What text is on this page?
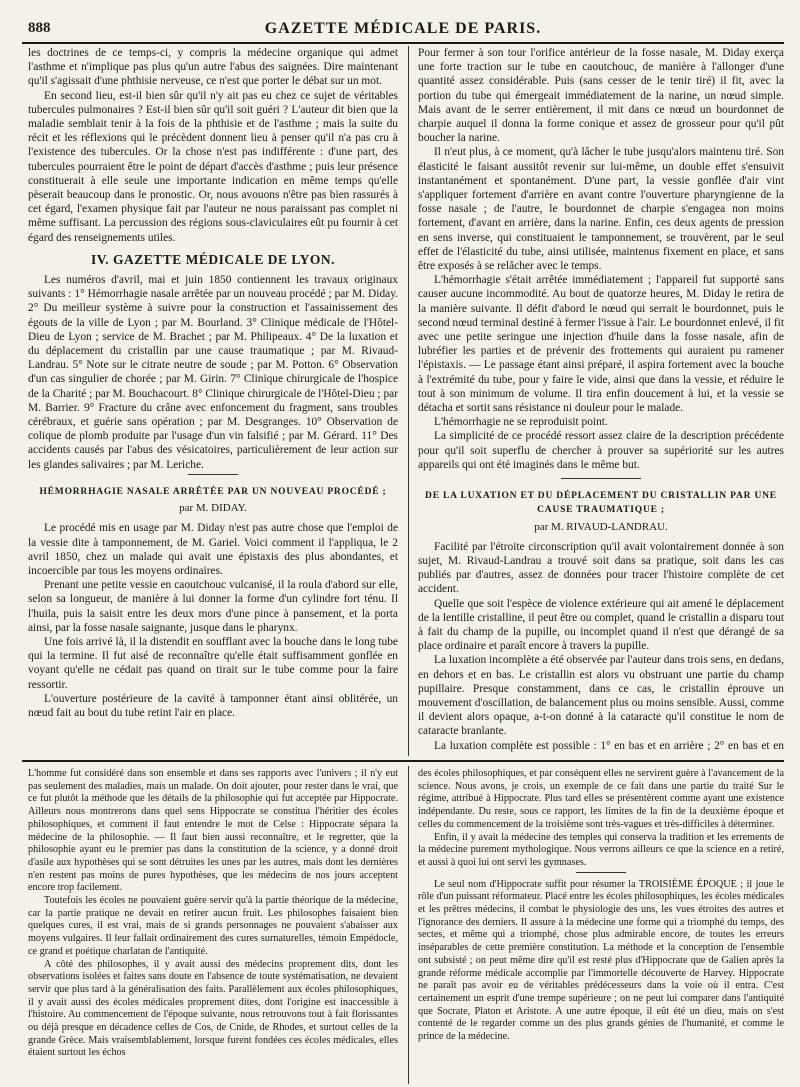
888	GAZETTE MÉDICALE DE PARIS.

les doctrines de ce temps-ci, y compris la médecine organique qui admet l'asthme et n'implique pas plus qu'un autre l'abus des saignées. Dire maintenant qu'il s'agissait d'une phthisie nerveuse, ce n'est que porter le débat sur un mot.

En second lieu, est-il bien sûr qu'il n'y ait pas eu chez ce sujet de véritables tubercules pulmonaires ? Est-il bien sûr qu'il soit guéri ? L'auteur dit bien que la maladie semblait tenir à la fois de la phthisie et de l'asthme ; mais la suite du récit et les réflexions qui le précèdent donnent lieu à penser qu'il n'a pas cru à l'existence des tubercules. Or la chose n'est pas indifférente : d'une part, des tubercules pourraient être le point de départ d'accès d'asthme ; puis leur présence constituerait à elle seule une importante indication en même temps qu'elle pèserait beaucoup dans le pronostic. Or, nous avouons n'être pas bien rassurés à cet égard, l'examen physique fait par l'auteur ne nous paraissant pas complet ni même suffisant. La percussion des régions sous-claviculaires eût pu fournir à cet égard des renseignements utiles.

IV. GAZETTE MÉDICALE DE LYON.

Les numéros d'avril, mai et juin 1850 contiennent les travaux originaux suivants : 1° Hémorrhagie nasale arrêtée par un nouveau procédé ; par M. Diday. 2° Du meilleur système à suivre pour la construction et l'assainissement des égouts de la ville de Lyon ; par M. Bourland. 3° Clinique médicale de l'Hôtel-Dieu de Lyon ; service de M. Brachet ; par M. Philipeaux. 4° De la luxation et du déplacement du cristallin par une cause traumatique ; par M. Rivaud-Landrau. 5° Note sur le citrate neutre de soude ; par M. Potton. 6° Observation d'un cas singulier de chorée ; par M. Girin. 7° Clinique chirurgicale de l'hospice de la Charité ; par M. Bouchacourt. 8° Clinique chirurgicale de l'Hôtel-Dieu ; par M. Barrier. 9° Fracture du crâne avec enfoncement du fragment, sans troubles cérébraux, et guérie sans opération ; par M. Desgranges. 10° Observation de colique de plomb produite par l'usage d'un vin falsifié ; par M. Gérard. 11° Des accidents causés par l'abus des vésicatoires, particulièrement de leur action sur les glandes salivaires ; par M. Leriche.

HÉMORRHAGIE NASALE ARRÊTÉE PAR UN NOUVEAU PROCÉDÉ ;
par M. DIDAY.

Le procédé mis en usage par M. Diday n'est pas autre chose que l'emploi de la vessie dite à tamponnement, de M. Gariel. Voici comment il l'appliqua, le 2 avril 1850, chez un malade qui avait une épistaxis des plus abondantes, et incoercible par tous les moyens ordinaires.

Prenant une petite vessie en caoutchouc vulcanisé, il la roula d'abord sur elle, selon sa longueur, de manière à lui donner la forme d'un cylindre fort ténu. Il l'huila, puis la saisit entre les deux mors d'une pince à pansement, et la porta ainsi, par la fosse nasale saignante, jusque dans le pharynx.

Une fois arrivé là, il la distendit en soufflant avec la bouche dans le long tube qui la termine. Il fut aisé de reconnaître qu'elle était suffisamment gonflée en voyant qu'elle ne cédait pas quand on tirait sur le tube comme pour la faire ressortir.

L'ouverture postérieure de la cavité à tamponner étant ainsi oblitérée, un nœud fait au bout du tube retint l'air en place.

Pour fermer à son tour l'orifice antérieur de la fosse nasale, M. Diday exerça une forte traction sur le tube en caoutchouc, de manière à l'allonger d'une quantité assez considérable. Puis (sans cesser de le tenir tiré) il fit, avec la portion du tube qui émergeait immédiatement de la narine, un nœud simple. Mais avant de le serrer entièrement, il mit dans ce nœud un bourdonnet de charpie auquel il donna la forme conique et assez de grosseur pour qu'il pût boucher la narine.

Il n'eut plus, à ce moment, qu'à lâcher le tube jusqu'alors maintenu tiré. Son élasticité le faisant aussitôt revenir sur lui-même, un double effet s'ensuivit instantanément et spontanément. D'une part, la vessie gonflée d'air vint s'appliquer fortement d'arrière en avant contre l'ouverture pharyngienne de la fosse nasale ; de l'autre, le bourdonnet de charpie s'engagea non moins fortement, d'avant en arrière, dans la narine. Enfin, ces deux agents de pression en sens inverse, qui constituaient le tamponnement, se trouvèrent, par le seul effet de l'élasticité du tube, ainsi utilisée, maintenus fixement en place, et sans être exposés à se relâcher avec le temps.

L'hémorrhagie s'était arrêtée immédiatement ; l'appareil fut supporté sans causer aucune incommodité. Au bout de quatorze heures, M. Diday le retira de la manière suivante. Il défit d'abord le nœud qui serrait le bourdonnet, puis le second nœud terminal destiné à fermer l'issue à l'air. Le bourdonnet enlevé, il fit avec une petite seringue une injection d'huile dans la fosse nasale, afin de lubréfier les parties et de prévenir des frottements qui auraient pu ramener l'épistaxis. — Le passage étant ainsi préparé, il aspira fortement avec la bouche à l'extrémité du tube, pour y faire le vide, ainsi que dans la vessie, et réduire le tout à son minimum de volume. Il tira enfin doucement à lui, et la vessie se détacha et sortit sans résistance ni douleur pour le malade.

L'hémorrhagie ne se reproduisit point.

La simplicité de ce procédé ressort assez claire de la description précédente pour qu'il soit superflu de chercher à prouver sa supériorité sur les autres appareils qui ont été imaginés dans le même but.

DE LA LUXATION ET DU DÉPLACEMENT DU CRISTALLIN PAR UNE CAUSE TRAUMATIQUE ;
par M. RIVAUD-LANDRAU.

Facilité par l'étroite circonscription qu'il avait volontairement donnée à son sujet, M. Rivaud-Landrau a trouvé soit dans sa pratique, soit dans les cas publiés par d'autres, assez de données pour tracer l'histoire complète de cet accident.

Quelle que soit l'espèce de violence extérieure qui ait amené le déplacement de la lentille cristalline, il peut être ou complet, quand le cristallin a disparu tout à fait du champ de la pupille, ou incomplet quand il n'est que dérangé de sa place ordinaire et paraît encore à travers la pupille.

La luxation incomplète a été observée par l'auteur dans trois sens, en dedans, en dehors et en bas. Le cristallin est alors vu obstruant une partie du champ pupillaire. Presque constamment, dans ce cas, le cristallin éprouve un mouvement d'oscillation, de balancement plus ou moins sensible. Aussi, comme il devient alors opaque, a-t-on donné à la cataracte qu'il constitue le nom de cataracte branlante.

La luxation complète est possible : 1° en bas et en arrière ; 2° en bas et en

L'homme fut considéré dans son ensemble et dans ses rapports avec l'univers ; il n'y eut pas seulement des maladies, mais un malade. On doit ajouter, pour rester dans le vrai, que ce fut plutôt la méthode que les détails de la philosophie qui fut acceptée par Hippocrate. Ailleurs nous montrerons dans quel sens Hippocrate se constitua l'héritier des écoles philosophiques, et comment il faut entendre le mot de Celse : Hippocrate sépara la médecine de la philosophie. — Il faut bien aussi reconnaître, et le regretter, que la philosophie ayant eu le premier pas dans la constitution de la science, y a donné droit d'asile aux hypothèses qui se sont détruites les unes par les autres, mais dont les dernières n'en restent pas moins de pures hypothèses, que les médecins de nos jours acceptent encore trop facilement.

Toutefois les écoles ne pouvaient guère servir qu'à la partie théorique de la médecine, car la partie pratique ne devait en retirer aucun fruit. Les philosophes faisaient bien quelques cures, il est vrai, mais de si grands personnages ne pouvaient s'abaisser aux moyens vulgaires. Il leur fallait ordinairement des cures surnaturelles, témoin Empédocle, ce grand et poétique charlatan de l'antiquité.

A côté des philosophes, il y avait aussi des médecins proprement dits, dont les observations isolées et faites sans doute en l'absence de toute systématisation, ne devaient servir que plus tard à la généralisation des faits. Parallèlement aux écoles philosophiques, il y avait aussi des écoles médicales proprement dites, dont l'origine est inaccessible à l'histoire. Au commencement de l'époque suivante, nous retrouvons tout à fait florissantes ou déjà presque en décadence celles de Cos, de Cnide, de Rhodes, et surtout celles de la grande Grèce. Mais vraisemblablement, lorsque furent fondées ces écoles médicales, elles étaient surtout les échos

des écoles philosophiques, et par conséquent elles ne servirent guère à l'avancement de la science. Nous avons, je crois, un exemple de ce fait dans une partie du traité Sur le régime, attribué à Hippocrate. Plus tard elles se présentèrent comme ayant une existence indépendante. Du reste, sous ce rapport, les limites de la fin de la deuxième époque et celles du commencement de la troisième sont très-vagues et très-difficiles à déterminer.

Enfin, il y avait la médecine des temples qui conserva la tradition et les errements de la médecine purement mythologique. Nous verrons ailleurs ce que la science en a retiré, et aussi à quoi lui ont servi les gymnases.

Le seul nom d'Hippocrate suffit pour résumer la TROISIÈME ÉPOQUE ; il joue le rôle d'un puissant réformateur. Placé entre les écoles philosophiques, les écoles médicales et les prêtres médecins, il combat le physiologie des uns, les vues étroites des autres et l'ignorance des derniers. Il assure à la médecine une forme qui a triomphé du temps, des sectes, et même qui a triomphé, chose plus admirable encore, de toutes les erreurs inséparables de cette première constitution. La méthode et la conception de l'ensemble ont subsisté ; on peut même dire qu'il est resté plus d'Hippocrate que de Galien après la grande réforme médicale accomplie par l'immortelle découverte de Harvey. Hippocrate ne paraît pas avoir eu de véritables prédécesseurs dans la voie où il entra. C'est certainement un esprit d'une trempe supérieure ; on ne peut lui comparer dans l'antiquité que Socrate, Platon et Aristote. A une autre époque, il eût été un dieu, mais on s'est contenté de le regarder comme un des plus grands génies de l'humanité, et comme le prince de la médecine.
